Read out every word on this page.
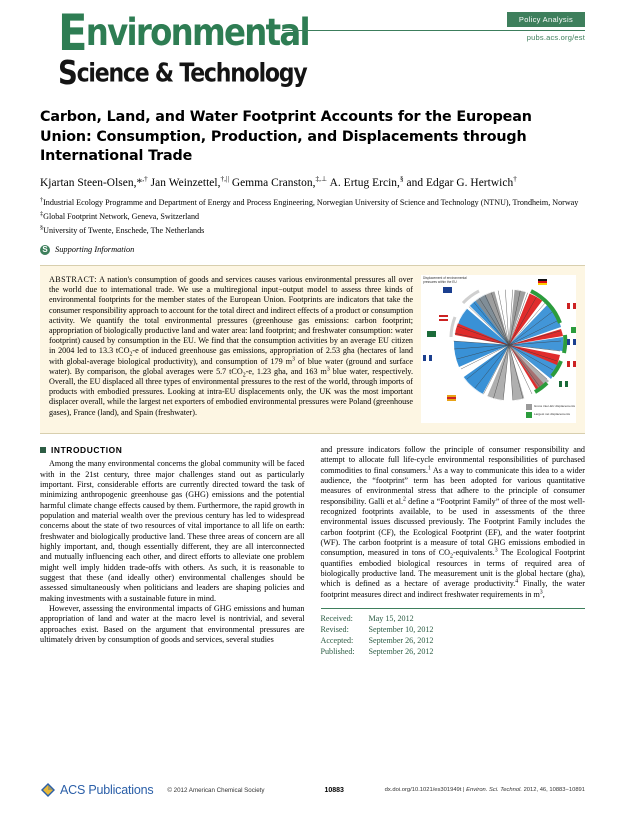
Environmental
Science & Technology
Policy Analysis
pubs.acs.org/est
Carbon, Land, and Water Footprint Accounts for the European Union: Consumption, Production, and Displacements through International Trade
Kjartan Steen-Olsen,*,† Jan Weinzettel,†,|| Gemma Cranston,‡,⊥ A. Ertug Ercin,§ and Edgar G. Hertwich†

†Industrial Ecology Programme and Department of Energy and Process Engineering, Norwegian University of Science and Technology (NTNU), Trondheim, Norway

‡Global Footprint Network, Geneva, Switzerland

§University of Twente, Enschede, The Netherlands

S
Supporting Information
ABSTRACT: A nation's consumption of goods and services causes various environmental pressures all over the world due to international trade. We use a multiregional input−output model to assess three kinds of environmental footprints for the member states of the European Union. Footprints are indicators that take the consumer responsibility approach to account for the total direct and indirect effects of a product or consumption activity. We quantify the total environmental pressures (greenhouse gas emissions: carbon footprint; appropriation of biologically productive land and water area: land footprint; and freshwater consumption: water footprint) caused by consumption in the EU. We find that the consumption activities by an average EU citizen in 2004 led to 13.3 tCO$_2$-e of induced greenhouse gas emissions, appropriation of 2.53 gha (hectares of land with global-average biological productivity), and consumption of 179 $m^3$ of blue water (ground and surface water). By comparison, the global averages were 5.7 tCO$_2$-e, 1.23 gha, and 163 $m^3$ blue water, respectively. Overall, the EU displaced all three types of environmental pressures to the rest of the world, through imports of products with embodied pressures. Looking at intra-EU displacements only, the UK was the most important displacer overall, while the largest net exporters of embodied environmental pressures were Poland (greenhouse gases), France (land), and Spain (freshwater).
Displacement of environmental pressures within the EU
Gross inter-EU displacements
Largest net displacements
INTRODUCTION

Among the many environmental concerns the global community will be faced with in the 21st century, three major challenges stand out as particularly important. First, considerable efforts are currently directed toward the task of minimizing anthropogenic greenhouse gas (GHG) emissions and the potential harmful climate change effects caused by them. Furthermore, the rapid growth in population and material wealth over the previous century has led to widespread concerns about the state of two resources of vital importance to all life on earth: freshwater and biologically productive land. These three areas of concern are all highly important, and, though essentially different, they are all interconnected and mutually influencing each other, and direct efforts to alleviate one problem might well imply hidden trade-offs with others. As such, it is reasonable to suggest that these (and ideally other) environmental challenges should be assessed simultaneously when politicians and leaders are shaping policies and making investments with a sustainable future in mind.

However, assessing the environmental impacts of GHG emissions and human appropriation of land and water at the macro level is nontrivial, and several approaches exist. Based on the argument that environmental pressures are ultimately driven by consumption of goods and services, several studies

and pressure indicators follow the principle of consumer responsibility and attempt to allocate full life-cycle environmental responsibilities of purchased commodities to final consumers.$^1$ As a way to communicate this idea to a wider audience, the “footprint” term has been adopted for various quantitative measures of environmental stress that adhere to the principle of consumer responsibility. Galli et al.$^2$ define a “Footprint Family” of three of the most well-recognized footprints available, to be used in assessments of the three environmental issues discussed previously. The Footprint Family includes the carbon footprint (CF), the Ecological Footprint (EF), and the water footprint (WF). The carbon footprint is a measure of total GHG emissions embodied in consumption, measured in tons of $CO_2-equivalents.^3$ The Ecological Footprint quantifies embodied biological resources in terms of required area of biologically productive land. The measurement unit is the global hectare (gha), which is defined as a hectare of average productivity.$^4$ Finally, the water footprint measures direct and indirect freshwater requirements in $m^3$,

Received:	May 15, 2012
Revised:	September 10, 2012
Accepted:	September 26, 2012
Published:	September 26, 2012
ACS Publications © 2012 American Chemical Society	10883	dx.doi.org/10.1021/es301949t | Environ. Sci. Technol. 2012, 46, 10883−10891
